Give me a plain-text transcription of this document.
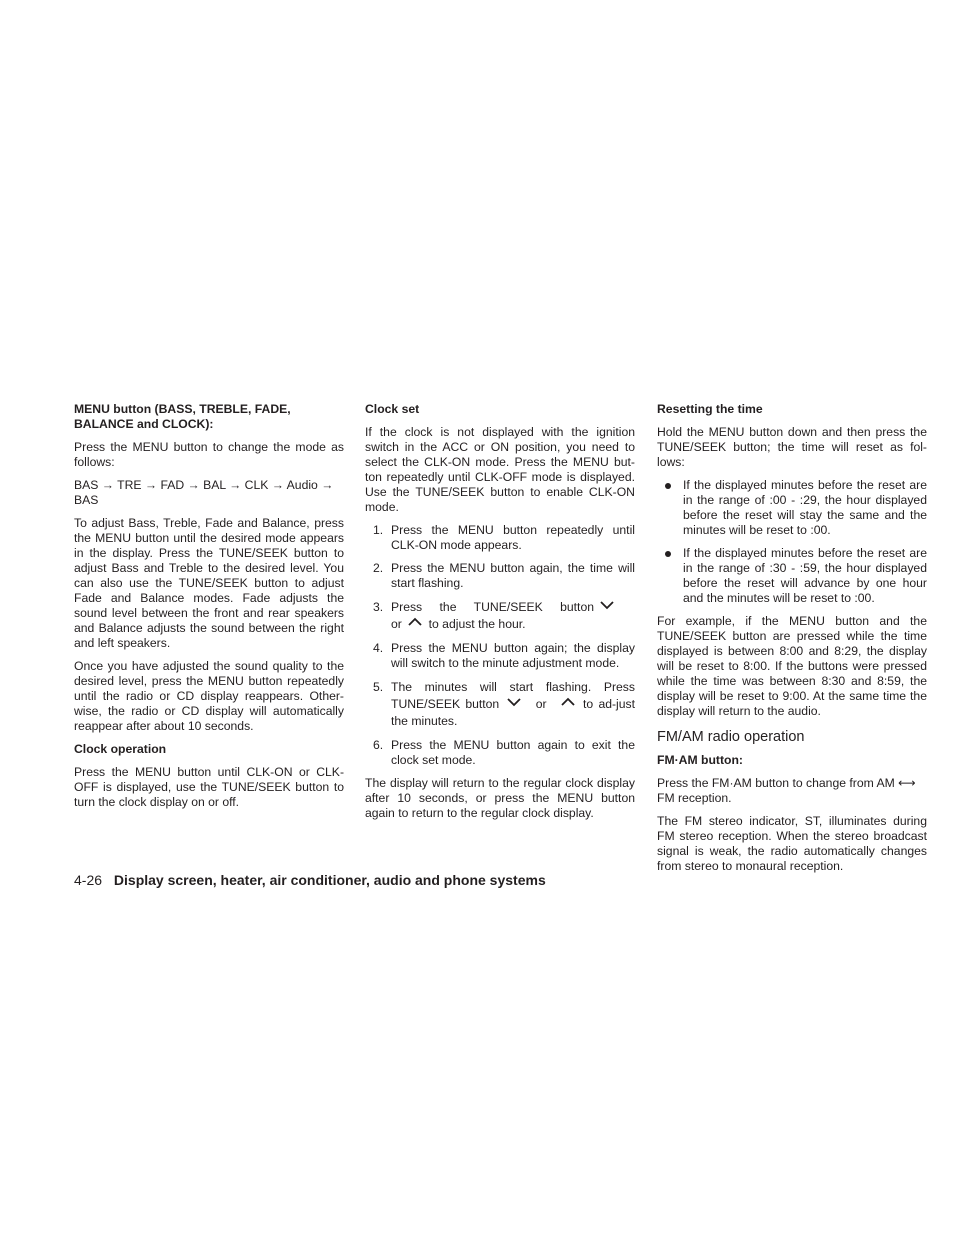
MENU button (BASS, TREBLE, FADE, BALANCE and CLOCK):

Press the MENU button to change the mode as follows:

BAS → TRE → FAD → BAL → CLK → Audio → BAS

To adjust Bass, Treble, Fade and Balance, press the MENU button until the desired mode appears in the display. Press the TUNE/SEEK button to adjust Bass and Treble to the desired level. You can also use the TUNE/SEEK button to adjust Fade and Balance modes. Fade adjusts the sound level between the front and rear speakers and Balance adjusts the sound between the right and left speakers.

Once you have adjusted the sound quality to the desired level, press the MENU button repeatedly until the radio or CD display reappears. Other-wise, the radio or CD display will automatically reappear after about 10 seconds.

Clock operation

Press the MENU button until CLK-ON or CLK-OFF is displayed, use the TUNE/SEEK button to turn the clock display on or off.

Clock set

If the clock is not displayed with the ignition switch in the ACC or ON position, you need to select the CLK-ON mode. Press the MENU but-ton repeatedly until CLK-OFF mode is displayed. Use the TUNE/SEEK button to enable CLK-ON mode.

1. Press the MENU button repeatedly until CLK-ON mode appears.
2. Press the MENU button again, the time will start flashing.
3. Press the TUNE/SEEK button

or to adjust the hour.
4. Press the MENU button again; the display will switch to the minute adjustment mode.
5. The minutes will start flashing. Press TUNE/SEEK button	or	to ad-just the minutes.
6. Press the MENU button again to exit the clock set mode.

The display will return to the regular clock display after 10 seconds, or press the MENU button again to return to the regular clock display.

Resetting the time

Hold the MENU button down and then press the TUNE/SEEK button; the time will reset as fol-lows:

If the displayed minutes before the reset are in the range of :00 - :29, the hour displayed before the reset will stay the same and the minutes will be reset to :00.
If the displayed minutes before the reset are in the range of :30 - :59, the hour displayed before the reset will advance by one hour and the minutes will be reset to :00.

For example, if the MENU button and the TUNE/SEEK button are pressed while the time displayed is between 8:00 and 8:29, the display will be reset to 8:00. If the buttons were pressed while the time was between 8:30 and 8:59, the display will be reset to 9:00. At the same time the display will return to the audio.

FM/AM radio operation
FM·AM button:

Press the FM·AM button to change from AM ⟷ FM reception.

The FM stereo indicator, ST, illuminates during FM stereo reception. When the stereo broadcast signal is weak, the radio automatically changes from stereo to monaural reception.

4-26 Display screen, heater, air conditioner, audio and phone systems
